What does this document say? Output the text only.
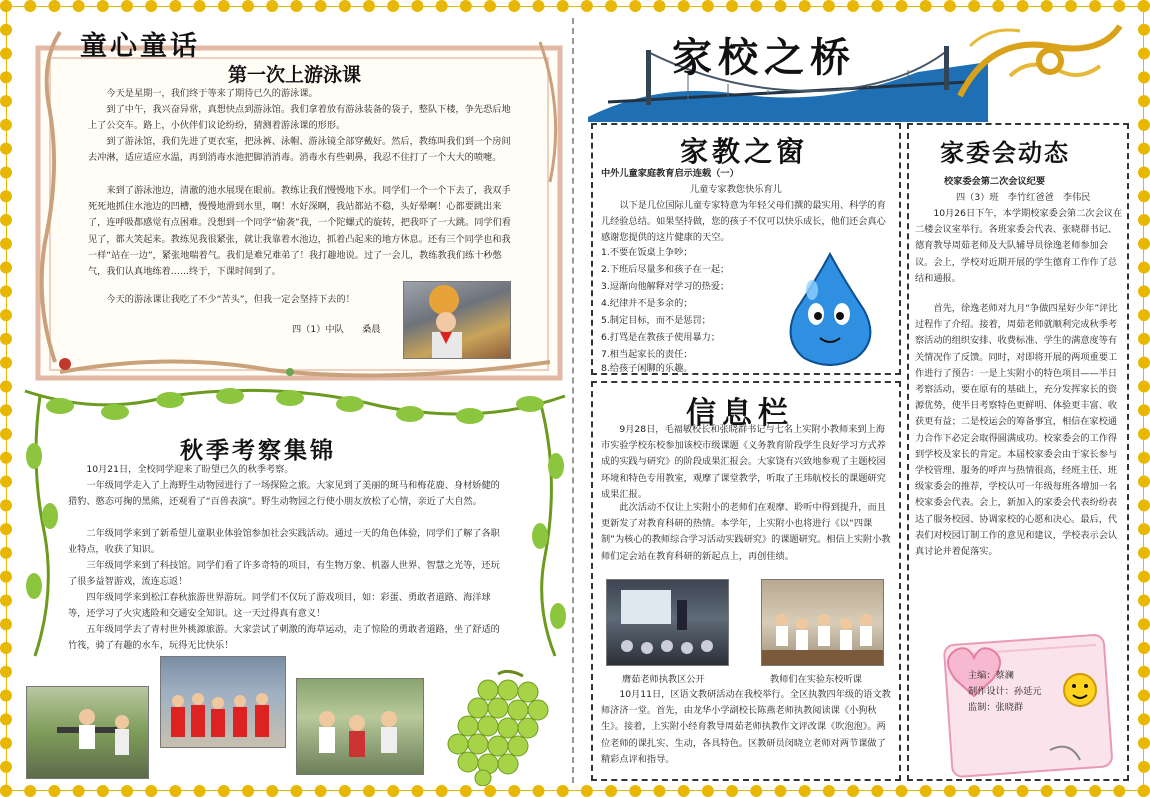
童心童话
第一次上游泳课
今天是星期一，我们终于等来了期待已久的游泳课。
到了中午，我兴奋异常，真想快点到游泳馆。我们拿着放有游泳装备的袋子，整队下楼，争先恐后地上了公交车。路上，小伙伴们议论纷纷，猜测着游泳课的形形。
到了游泳馆，我们先进了更衣室，把泳裤、泳帽、游泳镜全部穿戴好。然后，教练叫我们到一个房间去冲淋，适应适应水温，再到消毒水池把脚消消毒。消毒水有些刺鼻，我忍不住打了一个大大的喷嚏。
来到了游泳池边，清澈的池水展现在眼前。教练让我们慢慢地下水。同学们一个一个下去了，我双手死死地抓住水池边的凹槽，慢慢地滑到水里，啊！水好深啊，我站都站不稳，头好晕啊！心都要跳出来了，连呼吸都感觉有点困难。没想到一个同学“偷袭”我，一个陀螺式的旋转，把我吓了一大跳。同学们看见了，都大笑起来。教练见我很紧张，就让我靠着水池边，抓着凸起来的地方休息。还有三个同学也和我一样“站在一边”，紧张地喘着气。我们是难兄难弟了！我打趣地说。过了一会儿，教练教我们练十秒憋气，我们认真地练着……终于，下课时间到了。
今天的游泳课让我吃了不少“苦头”，但我一定会坚持下去的！
四（1）中队　　桑晨
秋季考察集锦
10月21日，全校同学迎来了盼望已久的秋季考察。
一年级同学走入了上海野生动物园进行了一场探险之旅。大家见到了美丽的斑马和梅花鹿、身材娇健的猎豹、憨态可掬的黑熊，还观看了“百兽表演”。野生动物园之行使小朋友放松了心情，亲近了大自然。
二年级同学来到了新希望儿童职业体验馆参加社会实践活动。通过一天的角色体验，同学们了解了各职业特点，收获了知识。
三年级同学来到了科技馆。同学们看了许多奇特的项目，有生物万象、机器人世界、智慧之光等，还玩了很多益智游戏，流连忘返！
四年级同学来到松江春秋旅游世界游玩。同学们不仅玩了游戏项目，如：彩蛋、勇敢者道路、海洋球等，还学习了火灾逃险和交通安全知识。这一天过得真有意义！
五年级同学去了青村世外桃源旅游。大家尝试了刺激的海草运动，走了惊险的勇敢者道路，坐了舒适的竹筏，骑了有趣的水车，玩得无比快乐！
家校之桥
家教之窗
中外儿童家庭教育启示连载（一）
儿童专家教您快乐育儿
以下是几位国际儿童专家特意为年轻父母们撰的最实用、科学的育儿经验总结。如果坚持做，您的孩子不仅可以快乐成长，他们还会真心感谢您提供的这片健康的天空。
1.不要在饭桌上争吵；
2.下班后尽量多和孩子在一起；
3.逗渐向他解释对学习的热爱；
4.纪律并不是多余的；
5.制定目标，而不是惩罚；
6.打骂是在教孩子使用暴力；
7.相当起家长的责任；
8.给孩子闲聊的乐趣。
信息栏
9月28日，毛福敏校长和张晓群书记与七名上实附小教师来到上海市实验学校东校参加该校市级课题《义务教育阶段学生良好学习方式养成的实践与研究》的阶段成果汇报会。大家饶有兴致地参观了主题校园环境和特色专用教室，观摩了课堂教学，听取了王玮航校长的课题研究成果汇报。
此次活动不仅让上实附小的老师们在观摩、聆听中得到提升，而且更新发了对教育科研的热情。本学年，上实附小也将进行《以“四课制”为核心的教师综合学习活动实践研究》的课题研究。相信上实附小教师们定会站在教育科研的新起点上，再创佳绩。
膺茹老师执教区公开	教师们在实验东校听课
10月11日，区语文教研活动在我校举行。全区执教四年级的语文教师济济一堂。首先，由龙华小学副校长陈燕老师执教阅读课《小狗秋生》。接着，上实附小经育教导周茹老师执教作文评改课《吹泡泡》。两位老师的课扎实、生动，各具特色。区教研员闵晓立老师对两节课做了精彩点评和指导。
家委会动态
校家委会第二次会议纪要
四（3）班　李竹红爸爸　李伟民
10月26日下午，本学期校家委会第二次会议在二楼会议室举行。各班家委会代表、张晓群书记、德育教导周茹老师及大队辅导员徐逸老师参加会议。会上，学校对近期开展的学生德育工作作了总结和通报。
首先，徐逸老师对九月“争做四星好少年”评比过程作了介绍。接着，周茹老师就顺利完成秋季考察活动的组织安排、收费标准、学生的满意度等有关情况作了反馈。同时，对即将开展的两项重要工作进行了预告：一是上实附小的特色项目——半日考察活动，要在原有的基础上，充分发挥家长的资源优势，使半日考察特色更鲜明、体验更丰富、收获更有益；二是校运会的筹备事宜，相信在家校通力合作下必定会取得圆满成功。校家委会的工作得到学校及家长的肯定。本届校家委会由于家长参与学校管理、服务的呼声与热情很高，经班主任、班级家委会的推荐，学校认可一年级每班各增加一名校家委会代表。会上，新加入的家委会代表纷纷表达了服务校园、协调家校的心愿和决心。最后，代表们对校园订制工作的意见和建议，学校表示会认真讨论并着促落实。
主编：蔡澜
制作设计：孙延元
监制：张晓群
